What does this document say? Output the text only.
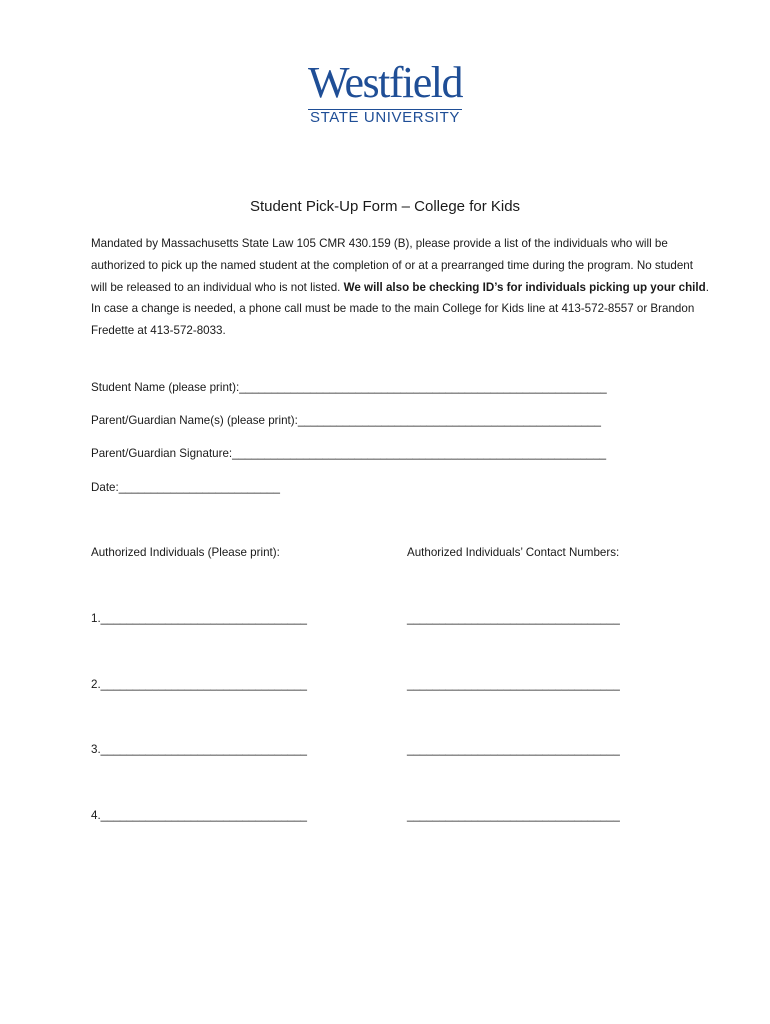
Westfield
STATE UNIVERSITY
Student Pick-Up Form – College for Kids

Mandated by Massachusetts State Law 105 CMR 430.159 (B), please provide a list of the individuals who will be authorized to pick up the named student at the completion of or at a prearranged time during the program. No student will be released to an individual who is not listed. We will also be checking ID’s for individuals picking up your child. In case a change is needed, a phone call must be made to the main College for Kids line at 413-572-8557 or Brandon Fredette at 413-572-8033.

Student Name (please print):_________________________________________________________
Parent/Guardian Name(s) (please print):_______________________________________________
Parent/Guardian Signature:__________________________________________________________
Date:_________________________
Authorized Individuals (Please print):	Authorized Individuals’ Contact Numbers:
1.________________________________	_________________________________
2.________________________________	_________________________________
3.________________________________	_________________________________
4.________________________________	_________________________________
